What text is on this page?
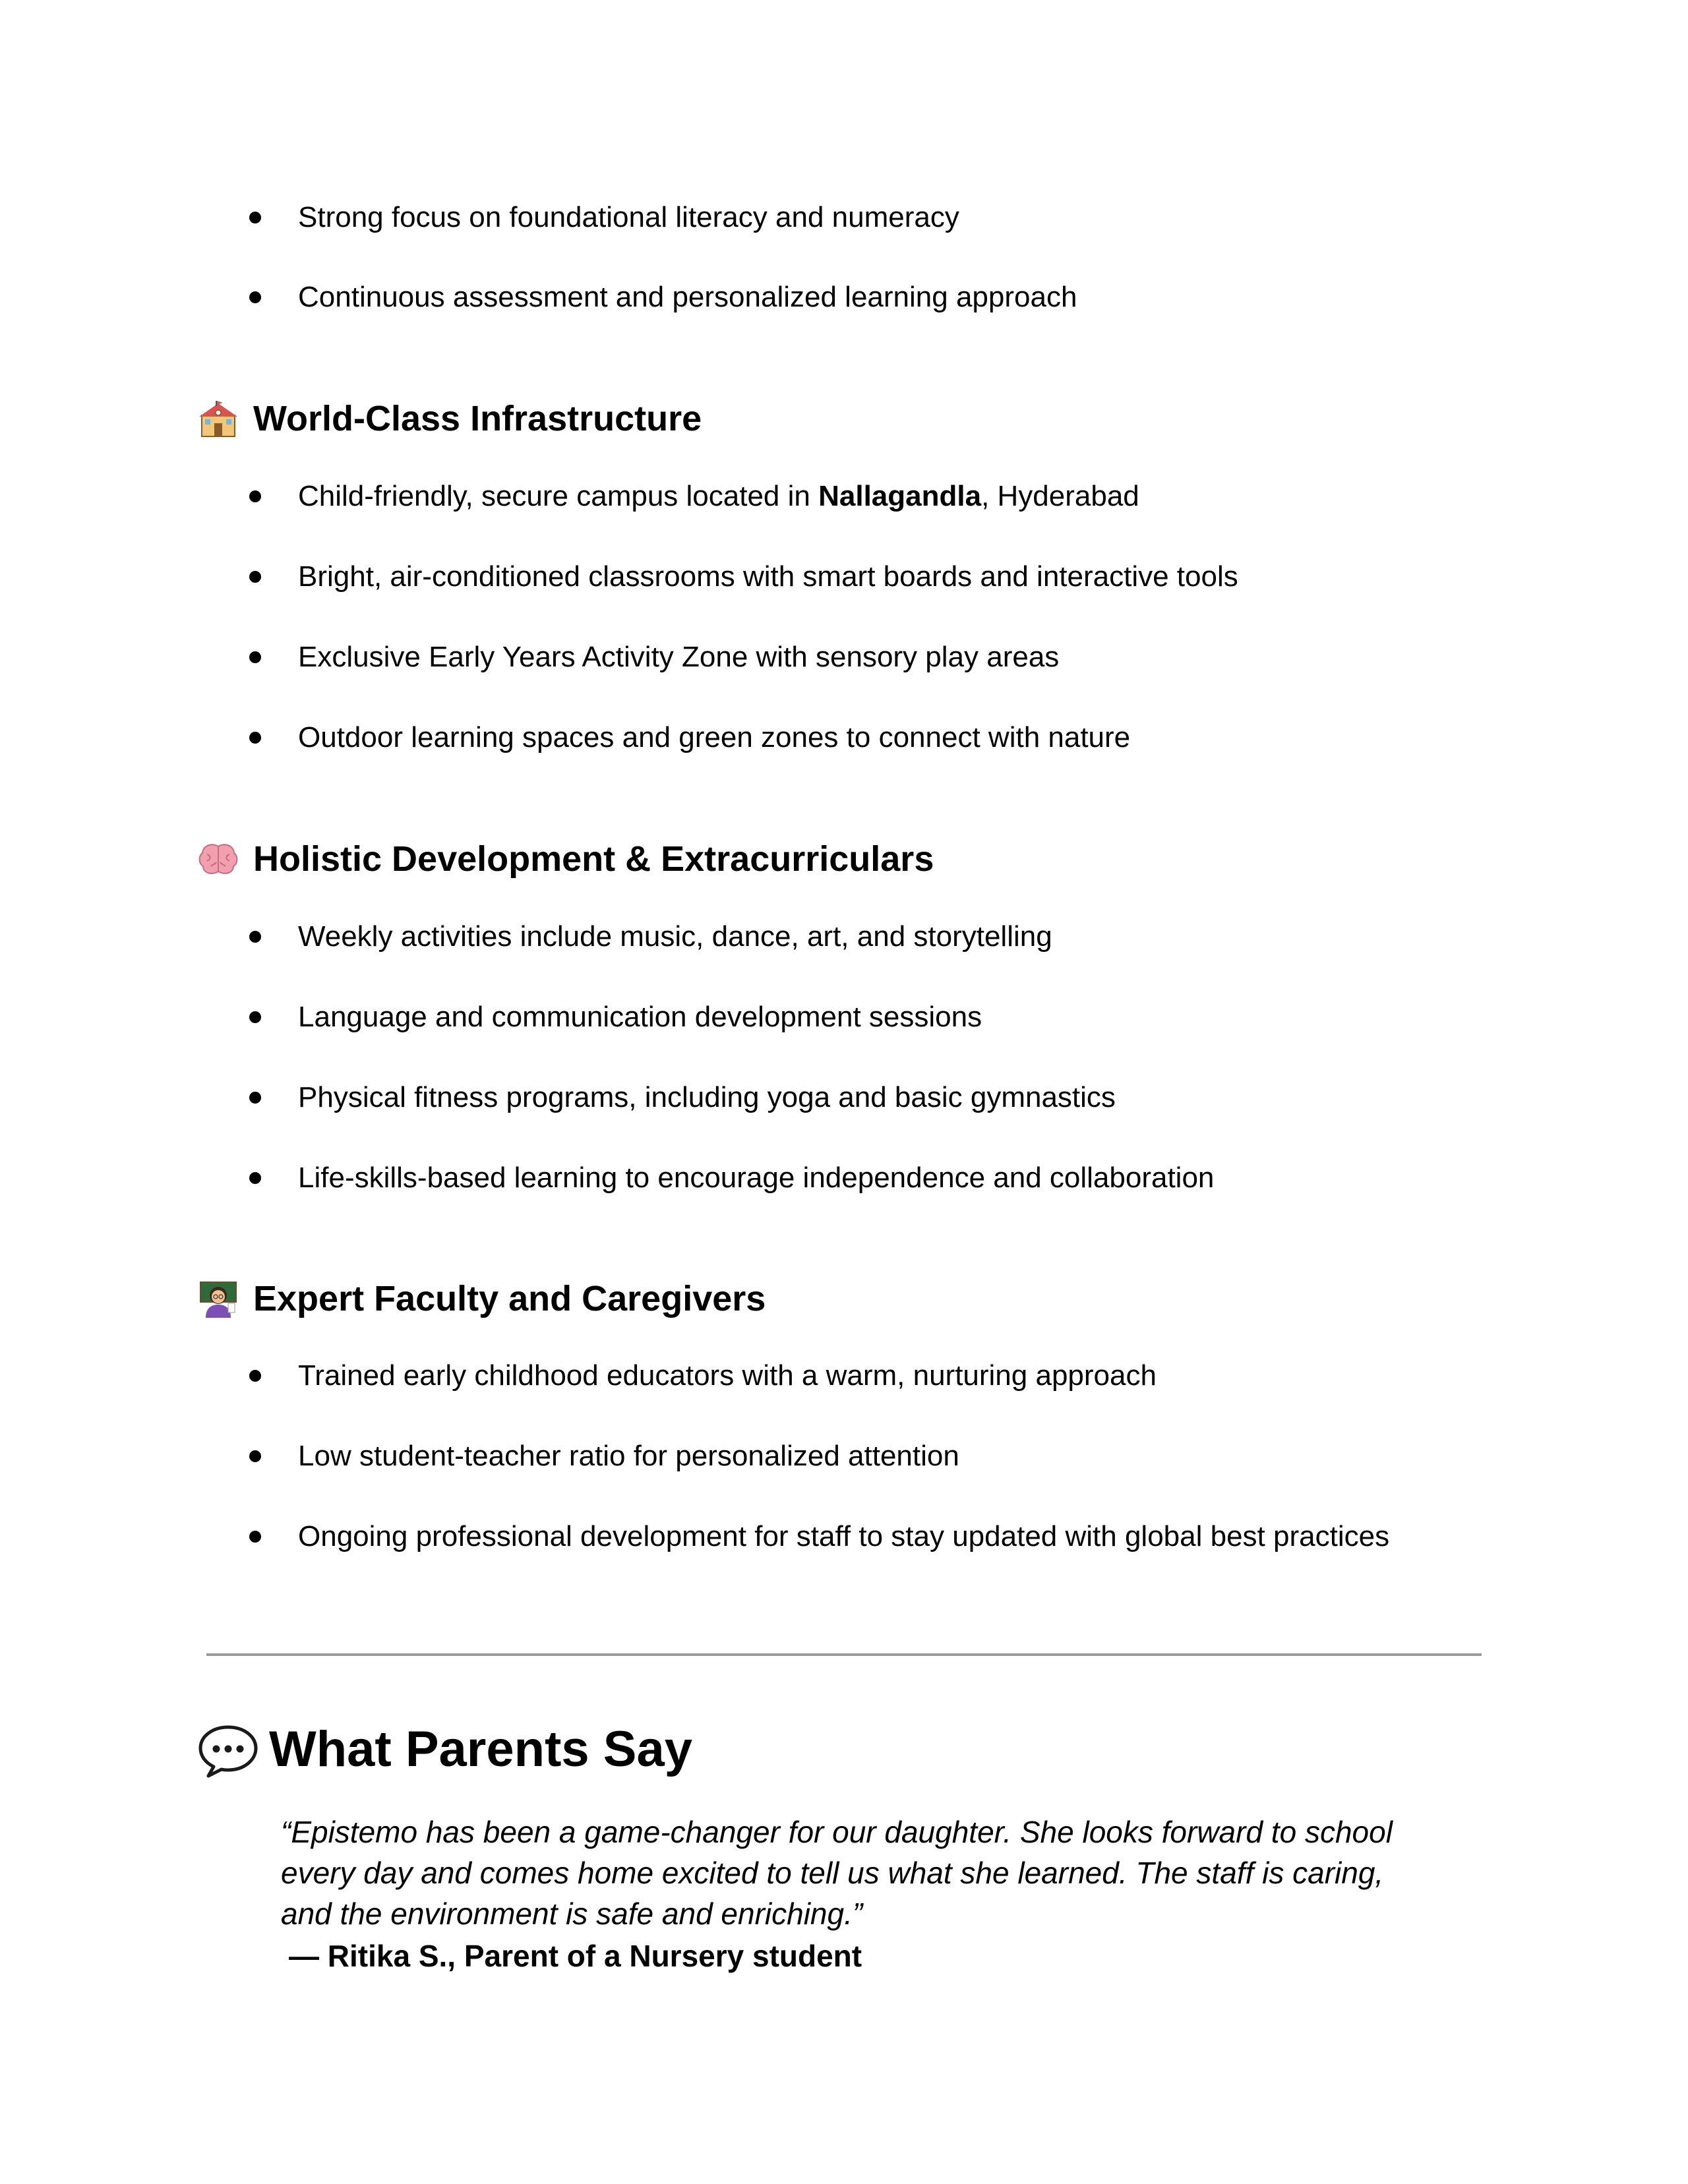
Strong focus on foundational literacy and numeracy
Continuous assessment and personalized learning approach
World-Class Infrastructure
Child-friendly, secure campus located in Nallagandla, Hyderabad
Bright, air-conditioned classrooms with smart boards and interactive tools
Exclusive Early Years Activity Zone with sensory play areas
Outdoor learning spaces and green zones to connect with nature
Holistic Development & Extracurriculars
Weekly activities include music, dance, art, and storytelling
Language and communication development sessions
Physical fitness programs, including yoga and basic gymnastics
Life-skills-based learning to encourage independence and collaboration
Expert Faculty and Caregivers
Trained early childhood educators with a warm, nurturing approach
Low student-teacher ratio for personalized attention
Ongoing professional development for staff to stay updated with global best practices
What Parents Say

“Epistemo has been a game-changer for our daughter. She looks forward to school

every day and comes home excited to tell us what she learned. The staff is caring,

and the environment is safe and enriching.”

— Ritika S., Parent of a Nursery student
